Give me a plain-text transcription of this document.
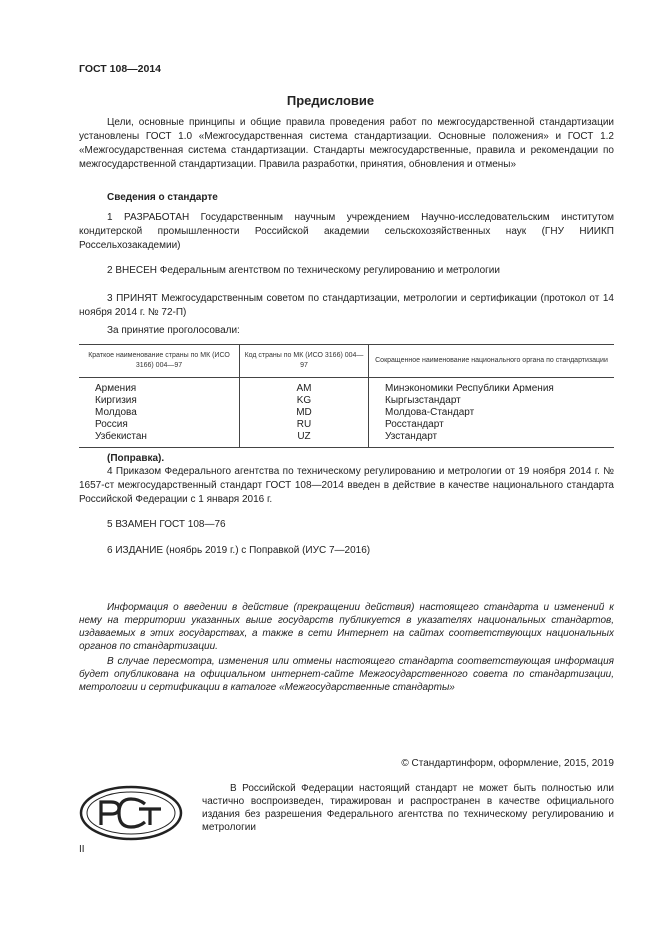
ГОСТ 108—2014
Предисловие
Цели, основные принципы и общие правила проведения работ по межгосударственной стандартизации установлены ГОСТ 1.0 «Межгосударственная система стандартизации. Основные положения» и ГОСТ 1.2 «Межгосударственная система стандартизации. Стандарты межгосударственные, правила и рекомендации по межгосударственной стандартизации. Правила разработки, принятия, обновления и отмены»
Сведения о стандарте
1 РАЗРАБОТАН Государственным научным учреждением Научно-исследовательским институтом кондитерской промышленности Российской академии сельскохозяйственных наук (ГНУ НИИКП Россельхозакадемии)
2 ВНЕСЕН Федеральным агентством по техническому регулированию и метрологии
3 ПРИНЯТ Межгосударственным советом по стандартизации, метрологии и сертификации (протокол от 14 ноября 2014 г. № 72-П)
За принятие проголосовали:
Краткое наименование страны по МК (ИСО 3166) 004—97	Код страны по МК (ИСО 3166) 004—97	Сокращенное наименование национального органа по стандартизации
Армения	AM	Минэкономики Республики Армения
Киргизия	KG	Кыргызстандарт
Молдова	MD	Молдова-Стандарт
Россия	RU	Росстандарт
Узбекистан	UZ	Узстандарт
(Поправка).
4 Приказом Федерального агентства по техническому регулированию и метрологии от 19 ноября 2014 г. № 1657-ст межгосударственный стандарт ГОСТ 108—2014 введен в действие в качестве национального стандарта Российской Федерации с 1 января 2016 г.
5 ВЗАМЕН ГОСТ 108—76
6 ИЗДАНИЕ (ноябрь 2019 г.) с Поправкой (ИУС 7—2016)
Информация о введении в действие (прекращении действия) настоящего стандарта и изменений к нему на территории указанных выше государств публикуется в указателях национальных стандартов, издаваемых в этих государствах, а также в сети Интернет на сайтах соответствующих национальных органов по стандартизации.
В случае пересмотра, изменения или отмены настоящего стандарта соответствующая информация будет опубликована на официальном интернет-сайте Межгосударственного совета по стандартизации, метрологии и сертификации в каталоге «Межгосударственные стандарты»
© Стандартинформ, оформление, 2015, 2019
В Российской Федерации настоящий стандарт не может быть полностью или частично воспроизведен, тиражирован и распространен в качестве официального издания без разрешения Федерального агентства по техническому регулированию и метрологии
II
